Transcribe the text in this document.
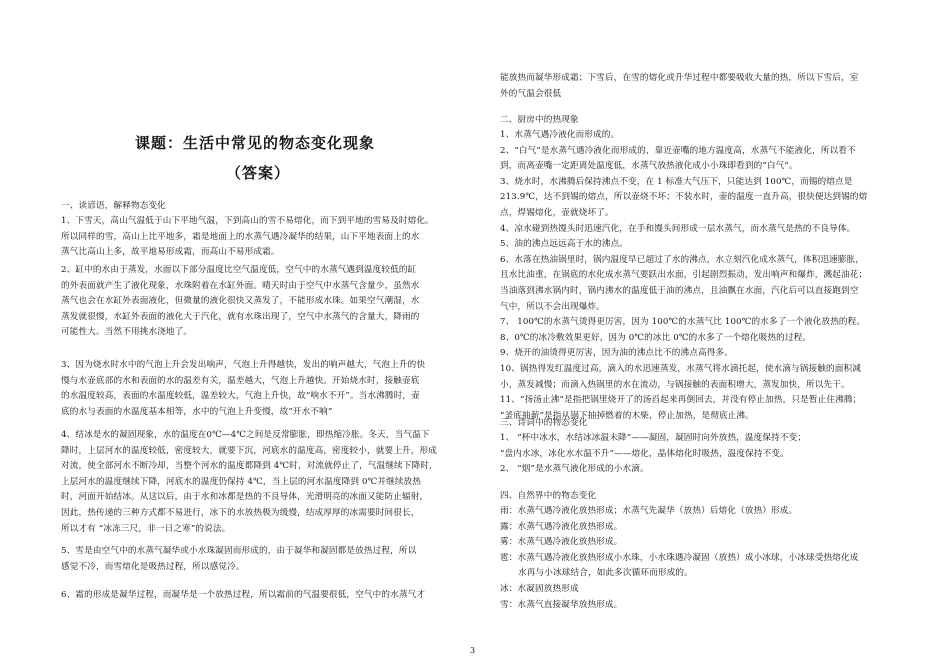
课题：生活中常见的物态变化现象
（答案）
一、读谚语，解释物态变化

1、下雪天，高山气温低于山下平地气温，下到高山的雪不易熔化，而下到平地的雪易及时熔化。

所以同样的雪，高山上比平地多，霜是地面上的水蒸气遇冷凝华的结果，山下平地表面上的水

蒸气比高山上多，故平地易形成霜，而高山不易形成霜。

2、缸中的水由于蒸发，水面以下部分温度比空气温度低，空气中的水蒸气遇到温度较低的缸

的外表面就产生了液化现象，水珠附着在水缸外面。晴天时由于空气中水蒸气含量少，虽然水

蒸气也会在水缸外表面液化，但微量的液化很快又蒸发了，不能形成水珠。如果空气潮湿，水

蒸发就很慢，水缸外表面的液化大于汽化，就有水珠出现了，空气中水蒸气的含量大，降雨的

可能性大。当然不用挑水浇地了。

3、因为烧水时水中的气泡上升会发出响声，气泡上升得越快，发出的响声越大，气泡上升的快

慢与水壶底部的水和表面的水的温差有关，温差越大，气泡上升越快。开始烧水时，接触壶底

的水温度较高，表面的水温度较低，温差较大，气泡上升快，故“响水不开”。当水沸腾时，壶

底的水与表面的水温度基本相等，水中的气泡上升变慢，故“开水不响”

4、结冰是水的凝固现象，水的温度在0℃—4℃之间是反常膨胀，即热缩冷胀。冬天，当气温下

降时，上层河水的温度较低，密度较大，就要下沉，河底水的温度高，密度较小，就要上升，形成

对流，使全部河水不断冷却，当整个河水的温度都降到 4℃时，对流就停止了，气温继续下降时，

上层河水的温度继续下降，河底水的温度仍保持 4℃，当上层的河水温度降到 0℃并继续放热

时，河面开始结冰。从这以后，由于水和冰都是热的不良导体，光滑明亮的冰面又能防止辐射，

因此，热传递的三种方式都不易进行，冰下的水放热极为缓慢，结成厚厚的冰需要时间很长，

所以才有 “冰冻三尺，非一日之寒”的说法。

5、雪是由空气中的水蒸气凝华或小水珠凝固而形成的，由于凝华和凝固都是放热过程，所以

感觉不冷，而雪熔化是吸热过程，所以感觉冷。

6、霜的形成是凝华过程，而凝华是一个放热过程，所以霜前的气温要很低，空气中的水蒸气才

能放热而凝华形成霜；下雪后，在雪的熔化或升华过程中都要吸收大量的热，所以下雪后，室

外的气温会很低

二、厨房中的热现象

1、水蒸气遇冷液化而形成的。

2、“白气”是水蒸气遇冷液化而形成的，靠近壶嘴的地方温度高，水蒸气不能液化，所以看不

到，而离壶嘴一定距离处温度低，水蒸气放热液化成小小珠即看到的“白气”。

3、烧水时，水沸腾后保持沸点不变，在 1 标准大气压下，只能达到 100℃，而锡的熔点是

213.9℃，达不到锡的熔点，所以壶烧不坏；不装水时，壶的温度一直升高，很快便达到锡的熔

点，焊锡熔化，壶就烧坏了。

4、凉水碰到热馒头时迅速汽化，在手和馒头间形成一层水蒸气，而水蒸气是热的不良导体。

5、油的沸点远远高于水的沸点。

6、水落在热油锅里时，锅内温度早已超过了水的沸点，水立刻汽化成水蒸气，体积迅速膨胀，

且水比油重，在锅底的水化成水蒸气要跃出水面，引起剧烈振动，发出响声和爆炸，溅起油花；

当油落到沸水锅内时，锅内沸水的温度低于油的沸点，且油飘在水面，汽化后可以直接跑到空

气中，所以不会出现爆炸。

7、 100℃的水蒸气烫得更厉害，因为 100℃的水蒸气比 100℃的水多了一个液化放热的程。

8、0℃的冰冷敷效果更好，因为 0℃的冰比 0℃的水多了一个熔化吸热的过程。

9、烧开的油烫得更厉害，因为油的沸点比不的沸点高得多。

10、锅热得发红温度过高，滴入的水迅速蒸发，水蒸气将水滴托起，使水滴与锅接触的面积减

小，蒸发减慢；而滴入热锅里的水在流动，与锅接触的表面积增大，蒸发加快，所以先干。

11、“扬汤止沸”是指把锅里烧开了的汤舀起来再倒回去，并没有停止加热，只是暂止住沸腾；

“釜底抽薪”是指从锅下抽掉燃着的木柴，停止加热，是彻底止沸。

三、诗词中的物态变化

1、 “杯中冰水，水结冰冰温未降”——凝固，凝固时向外放热，温度保持不变；

“盘内水冰，冰化水水温不升”——熔化，晶体熔化时吸热，温度保持不变。

2、 “烟”是水蒸气液化形成的小水滴。

四、自然界中的物态变化

雨：水蒸气遇冷液化放热形成；水蒸气先凝华（放热）后熔化（放热）形成。

露：水蒸气遇冷液化放热形成。

雾：水蒸气遇冷液化放热形成。

雹：水蒸气遇冷液化放热形成小水珠，小水珠遇冷凝固（放热）成小冰球，小冰球受热熔化成

水再与小冰球结合，如此多次循环而形成的。

冰：水凝固放热形成

雪：水蒸气直接凝华放热形成。

3
